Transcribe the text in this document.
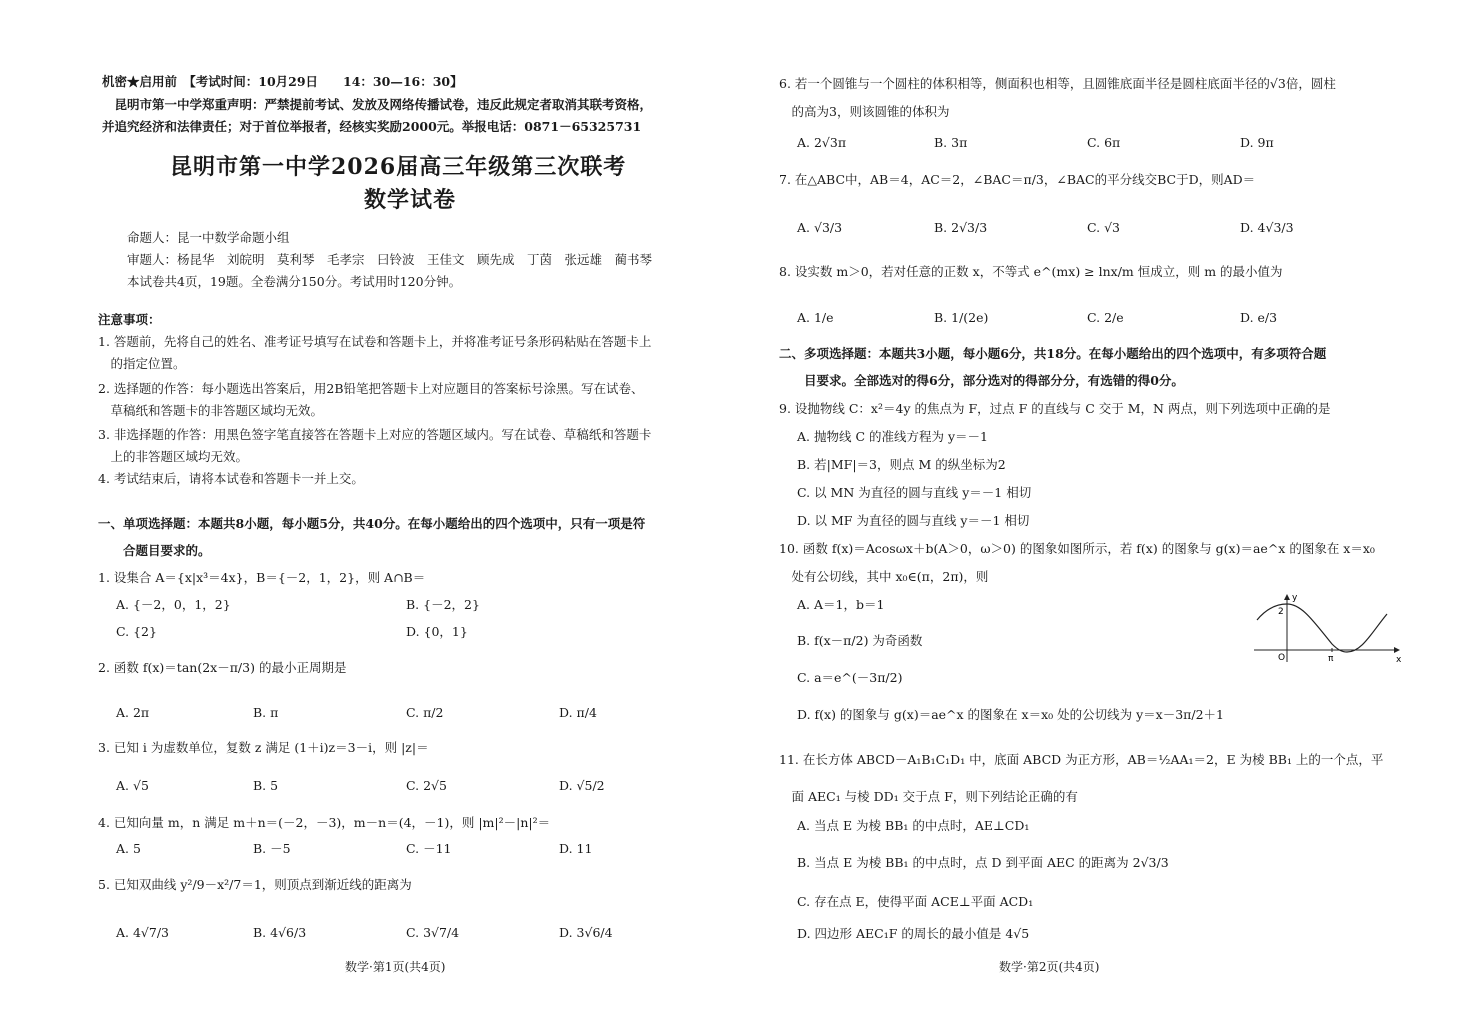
机密★启用前　【考试时间：10月29日　　14：30—16：30】
　昆明市第一中学郑重声明：严禁提前考试、发放及网络传播试卷，违反此规定者取消其联考资格，
并追究经济和法律责任；对于首位举报者，经核实奖励2000元。举报电话：0871－65325731
昆明市第一中学2026届高三年级第三次联考
数学试卷
命题人：昆一中数学命题小组
审题人：杨昆华　刘皖明　莫利琴　毛孝宗　曰铃波　王佳文　顾先成　丁茵　张远雄　蔺书琴
本试卷共4页，19题。全卷满分150分。考试用时120分钟。
注意事项：
1. 答题前，先将自己的姓名、准考证号填写在试卷和答题卡上，并将准考证号条形码粘贴在答题卡上
　的指定位置。
2. 选择题的作答：每小题选出答案后，用2B铅笔把答题卡上对应题目的答案标号涂黑。写在试卷、
　草稿纸和答题卡的非答题区域均无效。
3. 非选择题的作答：用黑色签字笔直接答在答题卡上对应的答题区域内。写在试卷、草稿纸和答题卡
　上的非答题区域均无效。
4. 考试结束后，请将本试卷和答题卡一并上交。
一、单项选择题：本题共8小题，每小题5分，共40分。在每小题给出的四个选项中，只有一项是符
　　合题目要求的。
1. 设集合 A＝{x|x³＝4x}，B＝{－2，1，2}，则 A∩B＝
A. {－2，0，1，2}	B. {－2，2}
C. {2}	D. {0，1}
2. 函数 f(x)＝tan(2x－π/3) 的最小正周期是
A. 2π	B. π	C. π/2	D. π/4
3. 已知 i 为虚数单位，复数 z 满足 (1＋i)z＝3－i，则 |z|＝
A. √5	B. 5	C. 2√5	D. √5/2
4. 已知向量 m，n 满足 m＋n＝(－2，－3)，m－n＝(4，－1)，则 |m|²－|n|²＝
A. 5	B. －5	C. －11	D. 11
5. 已知双曲线 y²/9－x²/7＝1，则顶点到渐近线的距离为
A. 4√7/3	B. 4√6/3	C. 3√7/4	D. 3√6/4
数学·第1页(共4页)
6. 若一个圆锥与一个圆柱的体积相等，侧面积也相等，且圆锥底面半径是圆柱底面半径的√3倍，圆柱
　的高为3，则该圆锥的体积为
A. 2√3π	B. 3π	C. 6π	D. 9π
7. 在△ABC中，AB＝4，AC＝2，∠BAC＝π/3，∠BAC的平分线交BC于D，则AD＝
A. √3/3	B. 2√3/3	C. √3	D. 4√3/3
8. 设实数 m＞0，若对任意的正数 x，不等式 e^(mx) ≥ lnx/m 恒成立，则 m 的最小值为
A. 1/e	B. 1/(2e)	C. 2/e	D. e/3
二、多项选择题：本题共3小题，每小题6分，共18分。在每小题给出的四个选项中，有多项符合题
　　目要求。全部选对的得6分，部分选对的得部分分，有选错的得0分。
9. 设抛物线 C：x²＝4y 的焦点为 F，过点 F 的直线与 C 交于 M，N 两点，则下列选项中正确的是
A. 抛物线 C 的准线方程为 y＝－1
B. 若|MF|＝3，则点 M 的纵坐标为2
C. 以 MN 为直径的圆与直线 y＝－1 相切
D. 以 MF 为直径的圆与直线 y＝－1 相切
10. 函数 f(x)＝Acosωx＋b(A＞0，ω＞0) 的图象如图所示，若 f(x) 的图象与 g(x)＝ae^x 的图象在 x＝x₀
　处有公切线，其中 x₀∈(π，2π)，则
A. A＝1，b＝1
B. f(x－π/2) 为奇函数
C. a＝e^(－3π/2)
D. f(x) 的图象与 g(x)＝ae^x 的图象在 x＝x₀ 处的公切线为 y＝x－3π/2＋1
y
2
x
O	π
11. 在长方体 ABCD－A₁B₁C₁D₁ 中，底面 ABCD 为正方形，AB＝½AA₁＝2，E 为棱 BB₁ 上的一个点，平
　面 AEC₁ 与棱 DD₁ 交于点 F，则下列结论正确的有
A. 当点 E 为棱 BB₁ 的中点时，AE⊥CD₁
B. 当点 E 为棱 BB₁ 的中点时，点 D 到平面 AEC 的距离为 2√3/3
C. 存在点 E，使得平面 ACE⊥平面 ACD₁
D. 四边形 AEC₁F 的周长的最小值是 4√5
数学·第2页(共4页)
